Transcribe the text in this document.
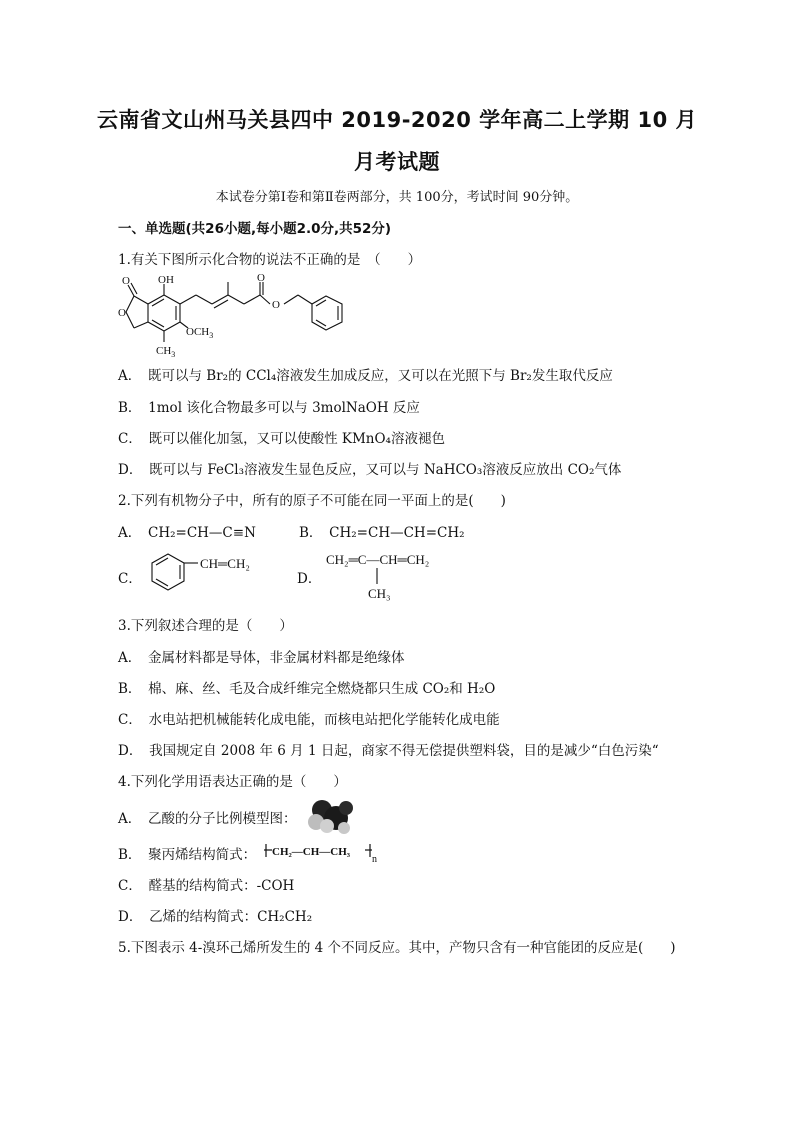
云南省文山州马关县四中 2019-2020 学年高二上学期 10 月
月考试题
本试卷分第Ⅰ卷和第Ⅱ卷两部分，共 100分，考试时间 90分钟。
一、单选题(共26小题,每小题2.0分,共52分)
1.有关下图所示化合物的说法不正确的是　（　　）
OH
O
O
O
O
$OCH_3$
$CH_3$
A．　既可以与 Br₂的 CCl₄溶液发生加成反应，又可以在光照下与 Br₂发生取代反应
B．　1mol 该化合物最多可以与 3molNaOH 反应
C．　既可以催化加氢，又可以使酸性 KMnO₄溶液褪色
D．　既可以与 FeCl₃溶液发生显色反应，又可以与 NaHCO₃溶液反应放出 CO₂气体
2.下列有机物分子中，所有的原子不可能在同一平面上的是(　　)
A．　CH₂=CH—C≡N	B．　CH₂=CH—CH=CH₂
C．
CH═CH₂
D．
CH₂═C—CH═CH₂
CH₃
3.下列叙述合理的是（　　）
A．　金属材料都是导体，非金属材料都是绝缘体
B．　棉、麻、丝、毛及合成纤维完全燃烧都只生成 CO₂和 H₂O
C．　水电站把机械能转化成电能，而核电站把化学能转化成电能
D．　我国规定自 2008 年 6 月 1 日起，商家不得无偿提供塑料袋，目的是减少“白色污染“
4.下列化学用语表达正确的是（　　）
A．　乙酸的分子比例模型图：
B．　聚丙烯结构简式： CH₂—CH—CH₃
n
C．　醛基的结构简式：-COH
D．　乙烯的结构简式：CH₂CH₂
5.下图表示 4-溴环己烯所发生的 4 个不同反应。其中，产物只含有一种官能团的反应是(　　)
